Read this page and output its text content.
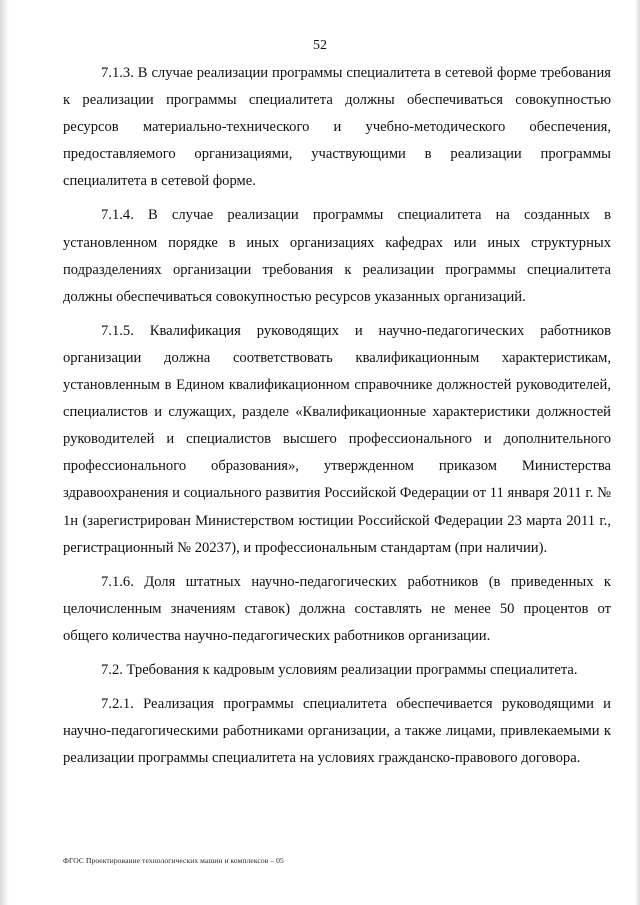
52

7.1.3. В случае реализации программы специалитета в сетевой форме требования к реализации программы специалитета должны обеспечиваться совокупностью ресурсов материально-технического и учебно-методического обеспечения, предоставляемого организациями, участвующими в реализации программы специалитета в сетевой форме.

7.1.4. В случае реализации программы специалитета на созданных в установленном порядке в иных организациях кафедрах или иных структурных подразделениях организации требования к реализации программы специалитета должны обеспечиваться совокупностью ресурсов указанных организаций.

7.1.5. Квалификация руководящих и научно-педагогических работников организации должна соответствовать квалификационным характеристикам, установленным в Едином квалификационном справочнике должностей руководителей, специалистов и служащих, разделе «Квалификационные характеристики должностей руководителей и специалистов высшего профессионального и дополнительного профессионального образования», утвержденном приказом Министерства здравоохранения и социального развития Российской Федерации от 11 января 2011 г. № 1н (зарегистрирован Министерством юстиции Российской Федерации 23 марта 2011 г., регистрационный № 20237), и профессиональным стандартам (при наличии).

7.1.6. Доля штатных научно-педагогических работников (в приведенных к целочисленным значениям ставок) должна составлять не менее 50 процентов от общего количества научно-педагогических работников организации.

7.2. Требования к кадровым условиям реализации программы специалитета.

7.2.1. Реализация программы специалитета обеспечивается руководящими и научно-педагогическими работниками организации, а также лицами, привлекаемыми к реализации программы специалитета на условиях гражданско-правового договора.

ФГОС Проектирование технологических машин и комплексов – 05
